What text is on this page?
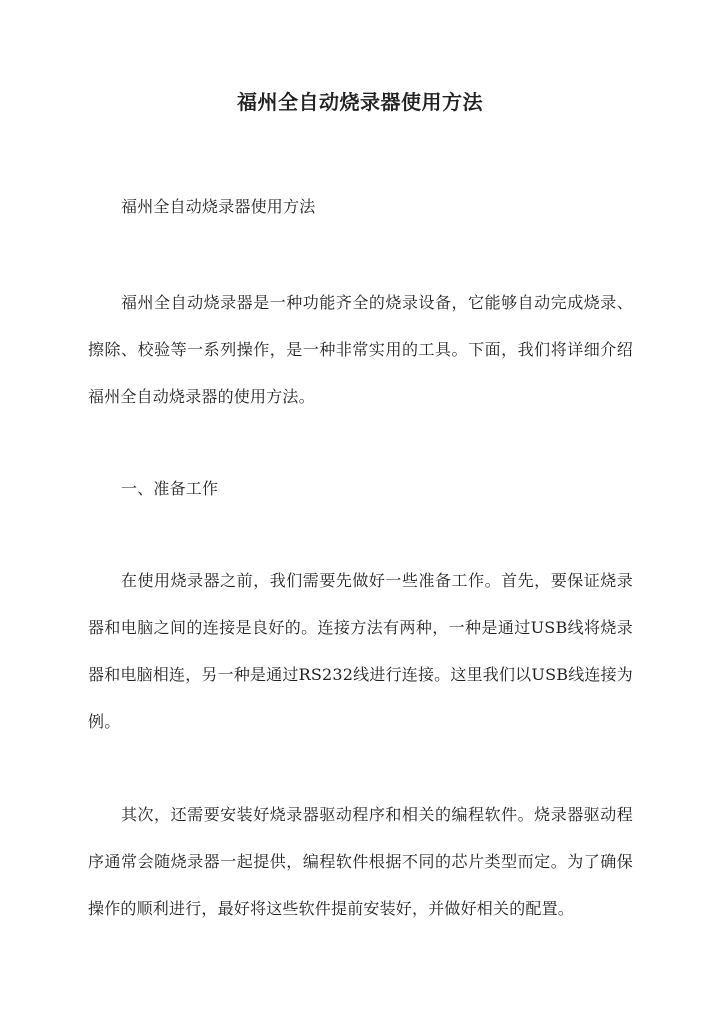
福州全自动烧录器使用方法

福州全自动烧录器使用方法

福州全自动烧录器是一种功能齐全的烧录设备，它能够自动完成烧录、擦除、校验等一系列操作，是一种非常实用的工具。下面，我们将详细介绍福州全自动烧录器的使用方法。

一、准备工作

在使用烧录器之前，我们需要先做好一些准备工作。首先，要保证烧录器和电脑之间的连接是良好的。连接方法有两种，一种是通过USB线将烧录器和电脑相连，另一种是通过RS232线进行连接。这里我们以USB线连接为例。

其次，还需要安装好烧录器驱动程序和相关的编程软件。烧录器驱动程序通常会随烧录器一起提供，编程软件根据不同的芯片类型而定。为了确保操作的顺利进行，最好将这些软件提前安装好，并做好相关的配置。
